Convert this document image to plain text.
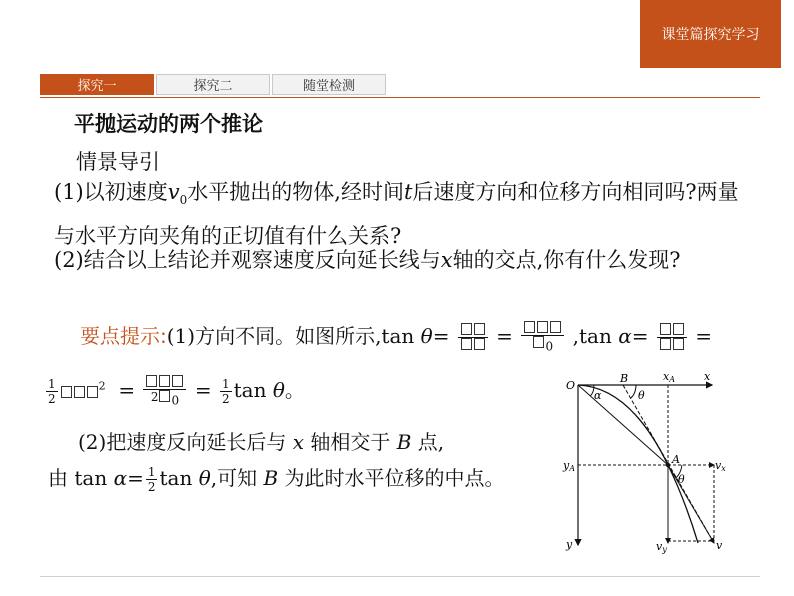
课堂篇探究学习
探究一	探究二	随堂检测
平抛运动的两个推论
情景导引
(1)以初速度$v_0$水平抛出的物体,经时间t后速度方向和位移方向相同吗?两量与水平方向夹角的正切值有什么关系?
(2)结合以上结论并观察速度反向延长线与x轴的交点,你有什么发现?
要点提示:(1)方向不同。如图所示,tan θ= =	$_0$ ,tan α= =
$\frac{1}{2}$	$^2$ =	2 $_0 = \frac{1}{2}$ tan θ。
(2)把速度反向延长后与 x 轴相交于 B 点,
由 $\tan \alpha= \frac{1}{2}$ tan θ,可知 B 为此时水平位移的中点。
O
B	xA	x
α	θ
yA
A	vx
θ
y	vy	v
